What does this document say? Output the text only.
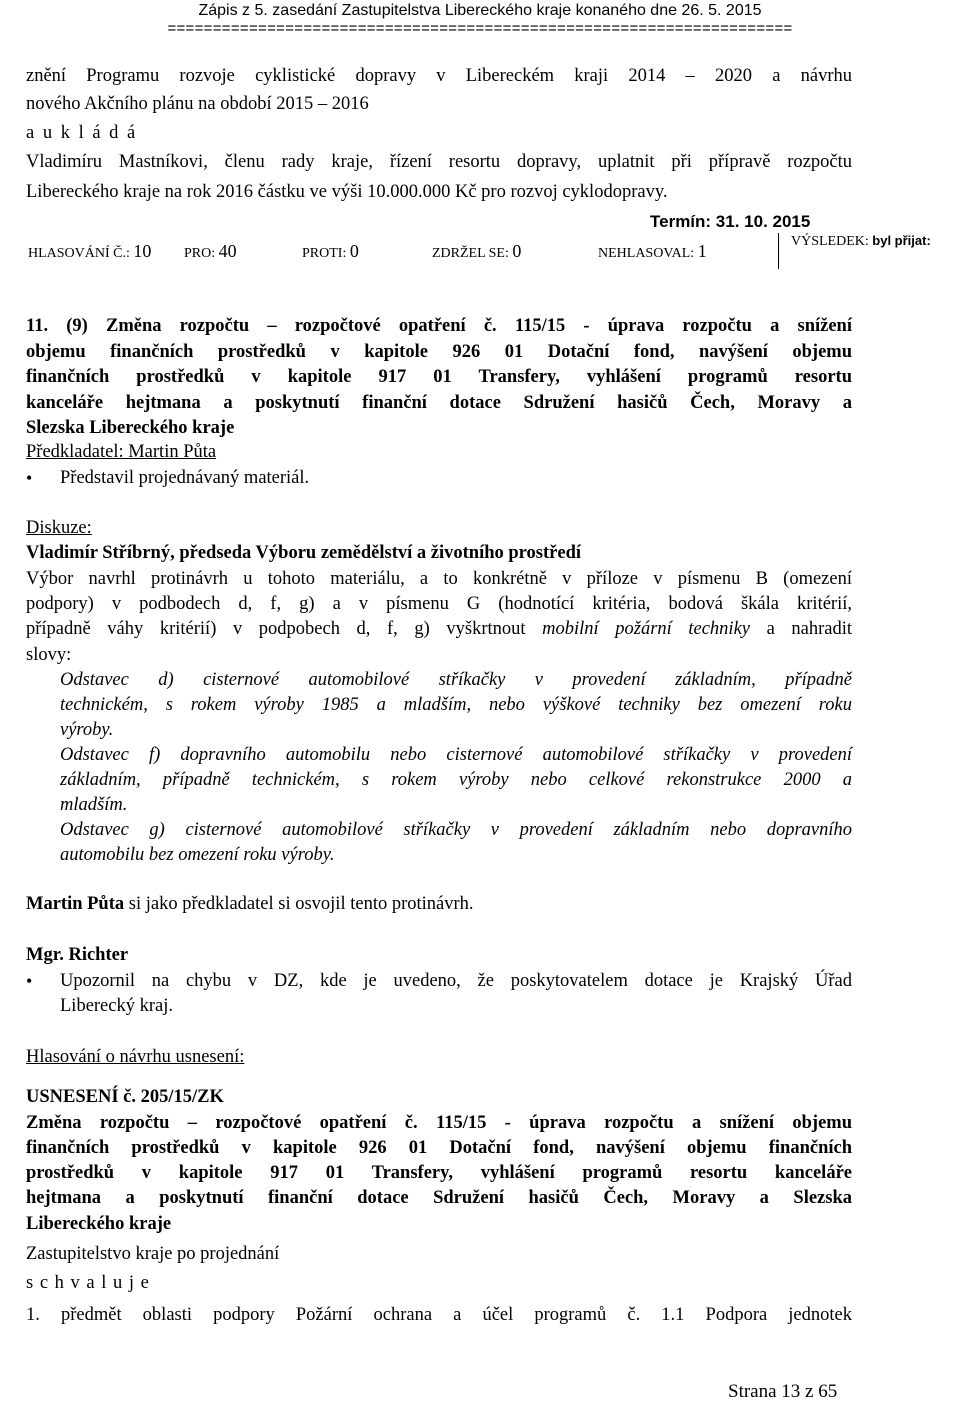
Zápis z 5. zasedání Zastupitelstva Libereckého kraje konaného dne 26. 5. 2015
=====================================================================
znění Programu rozvoje cyklistické dopravy v Libereckém kraji 2014 – 2020 a návrhu
nového Akčního plánu na období 2015 – 2016
a u k l á d á
Vladimíru Mastníkovi, členu rady kraje, řízení resortu dopravy, uplatnit při přípravě rozpočtu
Libereckého kraje na rok 2016 částku ve výši 10.000.000 Kč pro rozvoj cyklodopravy.
Termín: 31. 10. 2015
HLASOVÁNÍ Č.: 10 PRO: 40	PROTI: 0	ZDRŽEL SE: 0	NEHLASOVAL: 1	VÝSLEDEK: byl přijat:
11. (9) Změna rozpočtu – rozpočtové opatření č. 115/15 - úprava rozpočtu a snížení
objemu finančních prostředků v kapitole 926 01 Dotační fond, navýšení objemu
finančních prostředků v kapitole 917 01 Transfery, vyhlášení programů resortu
kanceláře hejtmana a poskytnutí finanční dotace Sdružení hasičů Čech, Moravy a
Slezska Libereckého kraje
Předkladatel: Martin Půta
• Představil projednávaný materiál.
Diskuze:
Vladimír Stříbrný, předseda Výboru zemědělství a životního prostředí
Výbor navrhl protinávrh u tohoto materiálu, a to konkrétně v příloze v písmenu B (omezení
podpory) v podbodech d, f, g) a v písmenu G (hodnotící kritéria, bodová škála kritérií,
případně váhy kritérií) v podpobech d, f, g) vyškrtnout mobilní požární techniky a nahradit
slovy:
Odstavec d) cisternové automobilové stříkačky v provedení základním, případně
technickém, s rokem výroby 1985 a mladším, nebo výškové techniky bez omezení roku
výroby.
Odstavec f) dopravního automobilu nebo cisternové automobilové stříkačky v provedení
základním, případně technickém, s rokem výroby nebo celkové rekonstrukce 2000 a
mladším.
Odstavec g) cisternové automobilové stříkačky v provedení základním nebo dopravního
automobilu bez omezení roku výroby.
Martin Půta si jako předkladatel si osvojil tento protinávrh.
Mgr. Richter
• Upozornil na chybu v DZ, kde je uvedeno, že poskytovatelem dotace je Krajský Úřad
Liberecký kraj.
Hlasování o návrhu usnesení:
USNESENÍ č. 205/15/ZK
Změna rozpočtu – rozpočtové opatření č. 115/15 - úprava rozpočtu a snížení objemu
finančních prostředků v kapitole 926 01 Dotační fond, navýšení objemu finančních
prostředků v kapitole 917 01 Transfery, vyhlášení programů resortu kanceláře
hejtmana a poskytnutí finanční dotace Sdružení hasičů Čech, Moravy a Slezska
Libereckého kraje
Zastupitelstvo kraje po projednání
s c h v a l u j e
1. předmět oblasti podpory Požární ochrana a účel programů č. 1.1 Podpora jednotek
Strana 13 z 65
